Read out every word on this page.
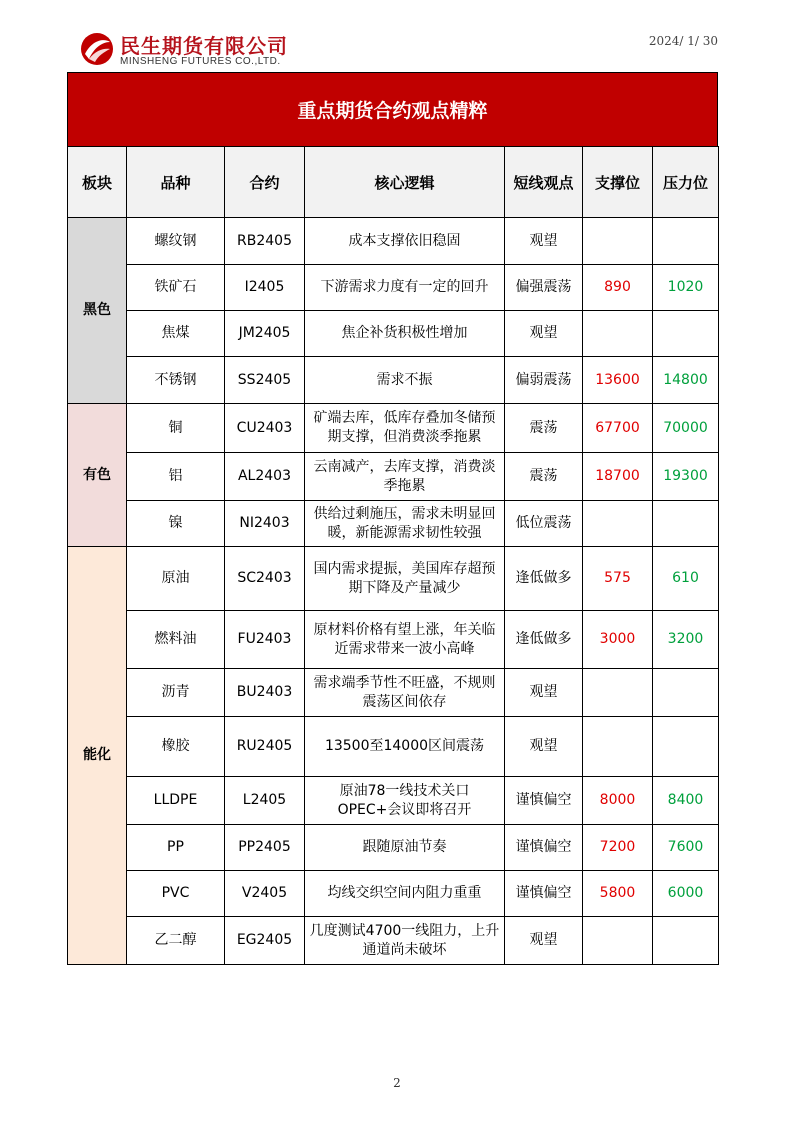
民生期货有限公司
MINSHENG FUTURES CO.,LTD.
2024/ 1/ 30
重点期货合约观点精粹
板块	品种	合约	核心逻辑	短线观点	支撑位	压力位
黑色	螺纹钢	RB2405	成本支撑依旧稳固	观望		
	铁矿石	I2405	下游需求力度有一定的回升	偏强震荡	890	1020
	焦煤	JM2405	焦企补货积极性增加	观望		
	不锈钢	SS2405	需求不振	偏弱震荡	13600	14800
有色	铜	CU2403	矿端去库，低库存叠加冬储预期支撑，但消费淡季拖累	震荡	67700	70000
	铝	AL2403	云南减产，去库支撑，消费淡季拖累	震荡	18700	19300
	镍	NI2403	供给过剩施压，需求未明显回暖，新能源需求韧性较强	低位震荡		
能化	原油	SC2403	国内需求提振，美国库存超预期下降及产量减少	逢低做多	575	610
	燃料油	FU2403	原材料价格有望上涨，年关临近需求带来一波小高峰	逢低做多	3000	3200
	沥青	BU2403	需求端季节性不旺盛，不规则震荡区间依存	观望		
	橡胶	RU2405	13500至14000区间震荡	观望		
	LLDPE	L2405	原油78一线技术关口OPEC+会议即将召开	谨慎偏空	8000	8400
	PP	PP2405	跟随原油节奏	谨慎偏空	7200	7600
	PVC	V2405	均线交织空间内阻力重重	谨慎偏空	5800	6000
	乙二醇	EG2405	几度测试4700一线阻力，上升通道尚未破坏	观望		
2
